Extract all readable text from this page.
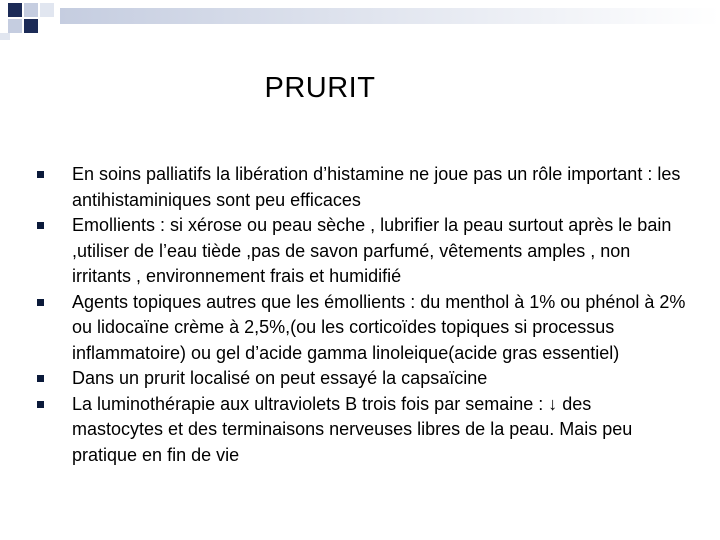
PRURIT
En soins palliatifs la libération d’histamine ne joue pas un rôle important : les antihistaminiques sont peu efficaces
Emollients : si xérose ou peau sèche , lubrifier la peau surtout après le bain ,utiliser de l’eau tiède ,pas de savon parfumé, vêtements amples , non irritants , environnement frais et humidifié
Agents topiques autres que les émollients : du menthol à 1% ou phénol à 2% ou lidocaïne crème à 2,5%,(ou les corticoïdes topiques si processus inflammatoire) ou gel d’acide gamma linoleique(acide gras essentiel)
Dans un prurit localisé on peut essayé la capsaïcine
La luminothérapie aux ultraviolets B trois fois par semaine : ↓ des mastocytes et des terminaisons nerveuses libres de la peau. Mais peu pratique en fin de vie
